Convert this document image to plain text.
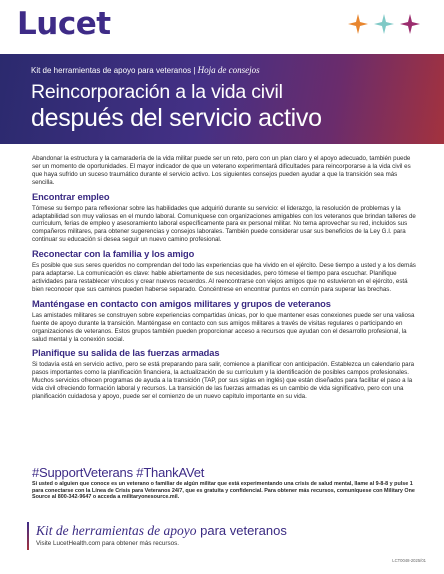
Lucet
Kit de herramientas de apoyo para veteranos | Hoja de consejos
Reincorporación a la vida civil
después del servicio activo

Abandonar la estructura y la camaradería de la vida militar puede ser un reto, pero con un plan claro y el apoyo adecuado, también puede ser un momento de oportunidades. El mayor indicador de que un veterano experimentará dificultades para reincorporarse a la vida civil es que haya sufrido un suceso traumático durante el servicio activo. Los siguientes consejos pueden ayudar a que la transición sea más sencilla.

Encontrar empleo

Tómese su tiempo para reflexionar sobre las habilidades que adquirió durante su servicio: el liderazgo, la resolución de problemas y la adaptabilidad son muy valiosas en el mundo laboral. Comuníquese con organizaciones amigables con los veteranos que brindan talleres de currículum, ferias de empleo y asesoramiento laboral específicamente para ex personal militar. No tema aprovechar su red, incluidos sus compañeros militares, para obtener sugerencias y consejos laborales. También puede considerar usar sus beneficios de la Ley G.I. para continuar su educación si desea seguir un nuevo camino profesional.

Reconectar con la familia y los amigo

Es posible que sus seres queridos no comprendan del todo las experiencias que ha vivido en el ejército. Dese tiempo a usted y a los demás para adaptarse. La comunicación es clave: hable abiertamente de sus necesidades, pero tómese el tiempo para escuchar. Planifique actividades para restablecer vínculos y crear nuevos recuerdos. Al reencontrarse con viejos amigos que no estuvieron en el ejército, está bien reconocer que sus caminos pueden haberse separado. Concéntrese en encontrar puntos en común para superar las brechas.

Manténgase en contacto con amigos militares y grupos de veteranos

Las amistades militares se construyen sobre experiencias compartidas únicas, por lo que mantener esas conexiones puede ser una valiosa fuente de apoyo durante la transición. Manténgase en contacto con sus amigos militares a través de visitas regulares o participando en organizaciones de veteranos. Estos grupos también pueden proporcionar acceso a recursos que ayudan con el desarrollo profesional, la salud mental y la conexión social.

Planifique su salida de las fuerzas armadas

Si todavía está en servicio activo, pero se está preparando para salir, comience a planificar con anticipación. Establezca un calendario para pasos importantes como la planificación financiera, la actualización de su currículum y la identificación de posibles campos profesionales. Muchos servicios ofrecen programas de ayuda a la transición (TAP, por sus siglas en inglés) que están diseñados para facilitar el paso a la vida civil ofreciendo formación laboral y recursos. La transición de las fuerzas armadas es un cambio de vida significativo, pero con una planificación cuidadosa y apoyo, puede ser el comienzo de un nuevo capítulo importante en su vida.

#SupportVeterans #ThankAVet
Si usted o alguien que conoce es un veterano o familiar de algún militar que está experimentando una crisis de salud mental, llame al 9-8-8 y pulse 1 para conectarse con la Línea de Crisis para Veteranos 24/7, que es gratuita y confidencial. Para obtener más recursos, comuníquese con Military One Source al 800-342-9647 o acceda a militaryonesource.mil.
Kit de herramientas de apoyo para veteranos
Visite LucetHealth.com para obtener más recursos.
LCT0048-2025/01
